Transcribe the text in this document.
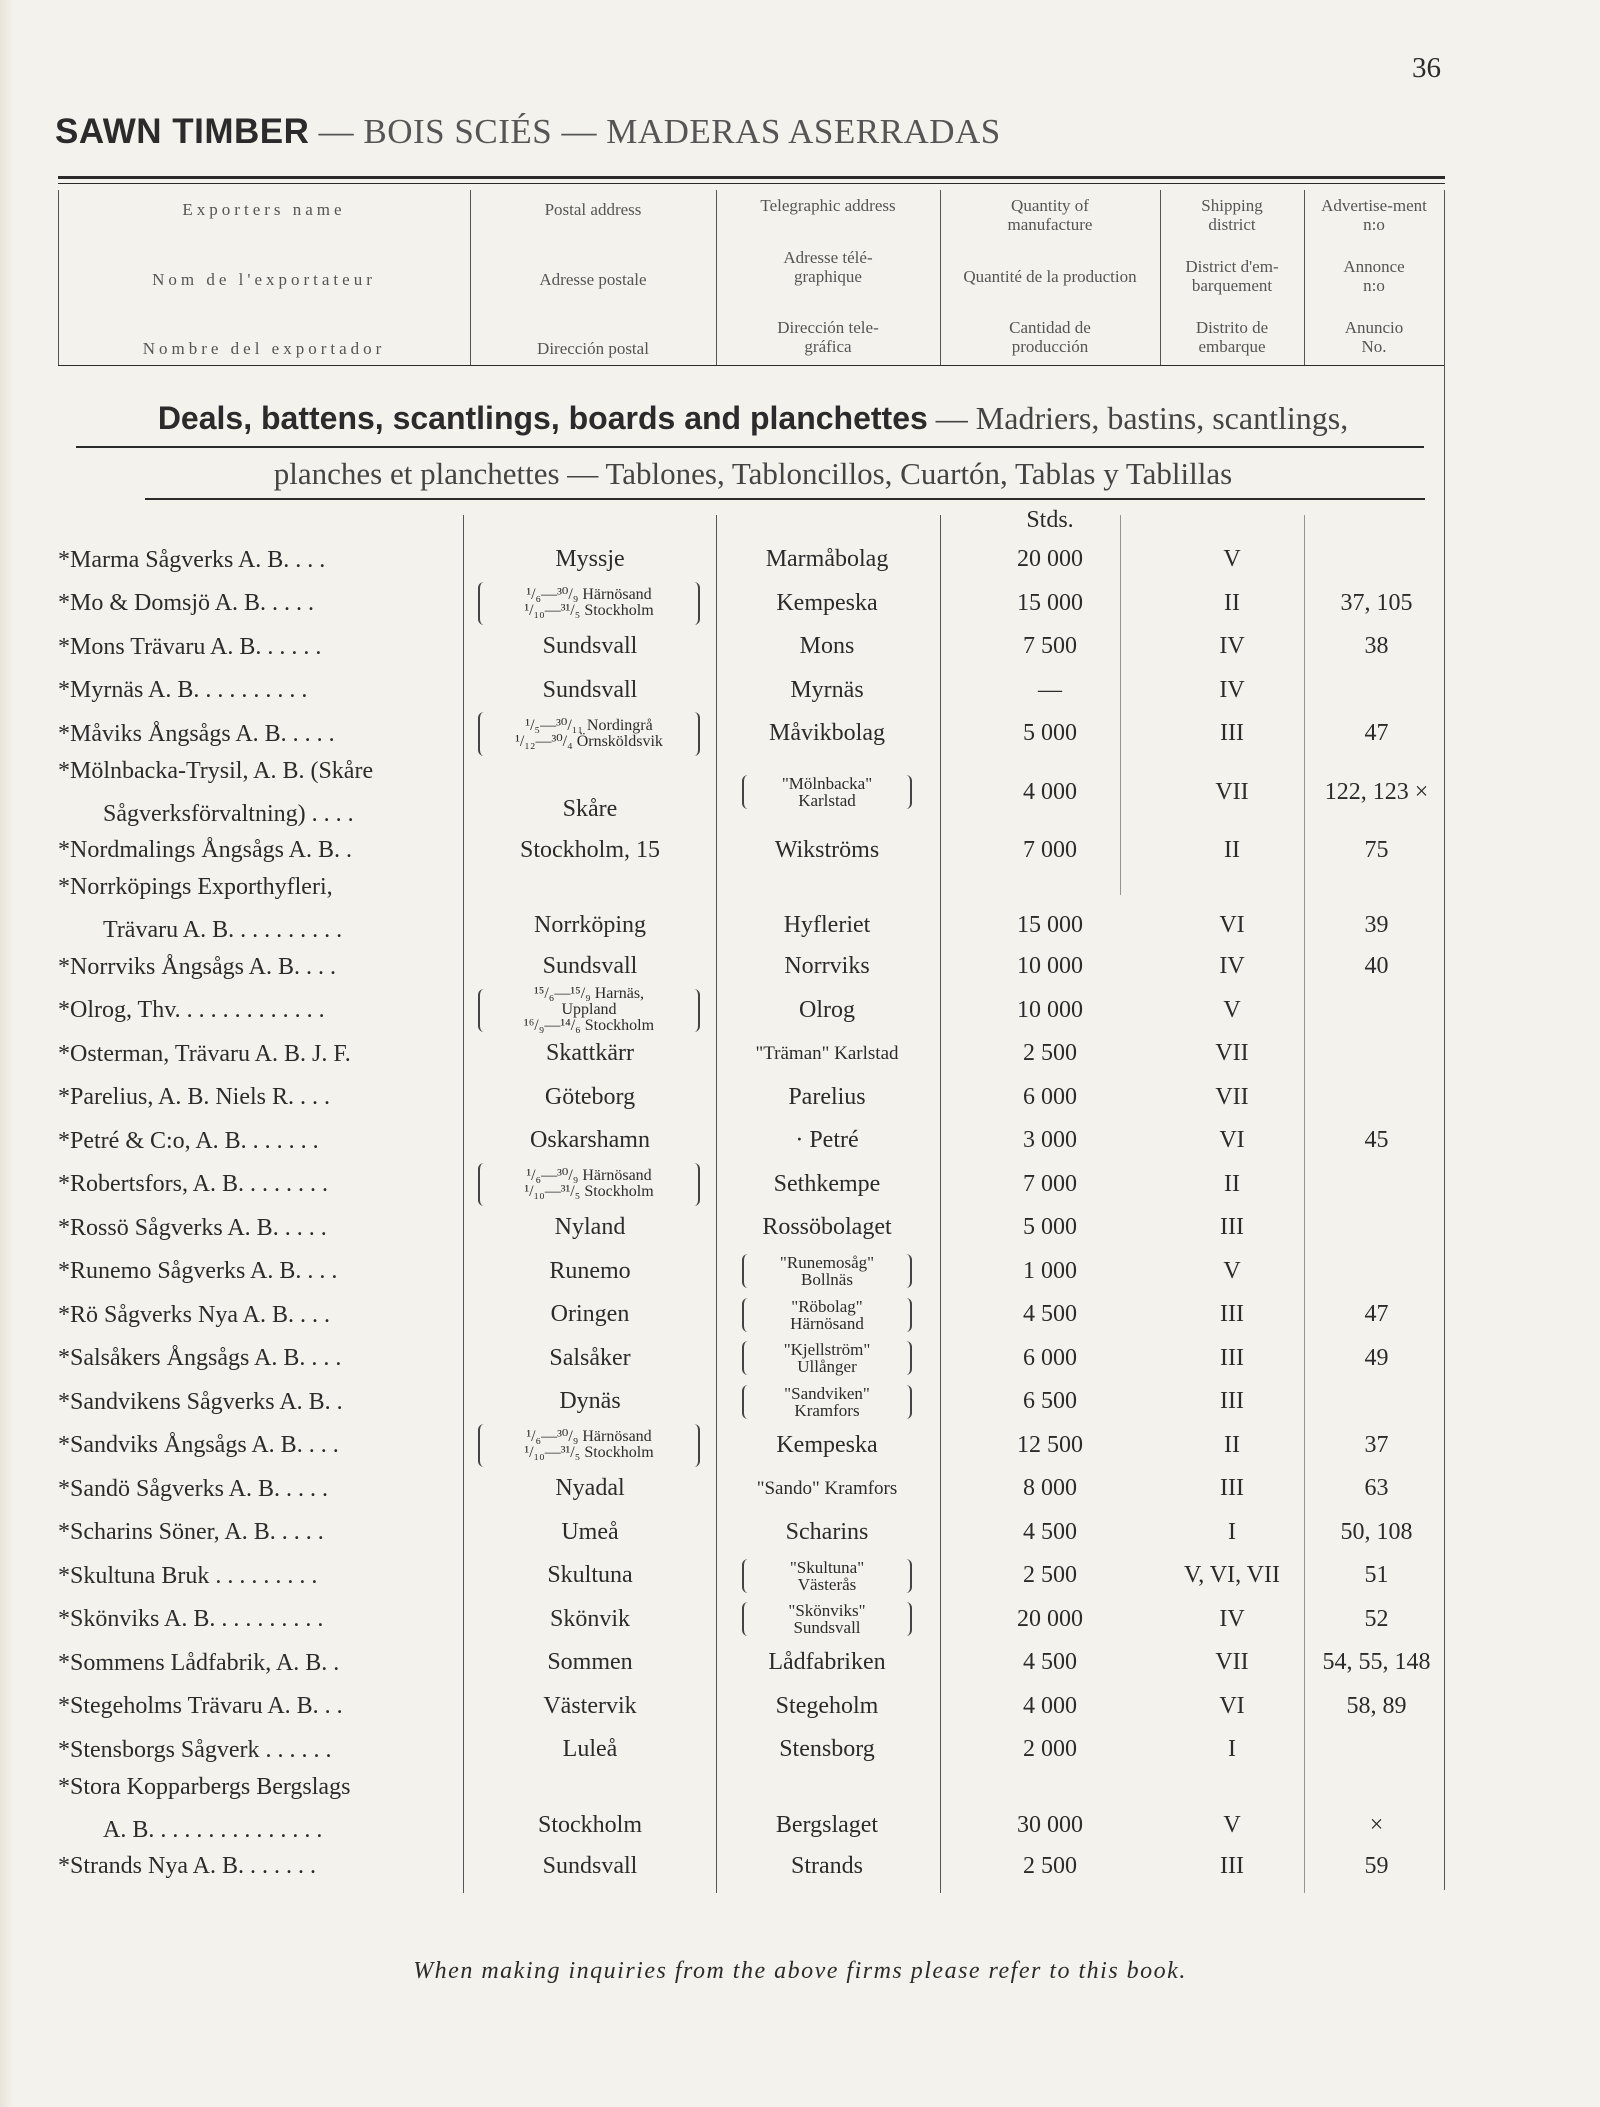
36
SAWN TIMBER — BOIS SCIÉS — MADERAS ASERRADAS
Exporters name
Nom de l'exportateur
Nombre del exportador
Postal address
Adresse postale
Dirección postal
Telegraphic address
Adresse télé-graphique
Dirección tele-gráfica
Quantity of manufacture
Quantité de la production
Cantidad de producción
Shipping district
District d'em-barquement
Distrito de embarque
Advertise-ment n:o
Annonce n:o
Anuncio No.
Deals, battens, scantlings, boards and planchettes — Madriers, bastins, scantlings,
planches et planchettes — Tablones, Tabloncillos, Cuartón, Tablas y Tablillas
Stds.
*Marma Sågverks A. B. . . .	Myssje	Marmåbolag	20 000	V
*Mo & Domsjö A. B. . . . .	¹/₆—³⁰/₉ Härnösand
¹/₁₀—³¹/₅ Stockholm	Kempeska	15 000	II	37, 105
*Mons Trävaru A. B. . . . . .	Sundsvall	Mons	7 500	IV	38
*Myrnäs A. B. . . . . . . . . .	Sundsvall	Myrnäs	—	IV
*Måviks Ångsågs A. B. . . . .	¹/₅—³⁰/₁₁ Nordingrå
¹/₁₂—³⁰/₄ Örnsköldsvik	Måvikbolag	5 000	III	47
*Mölnbacka-Trysil, A. B. (Skåre
Sågverksförvaltning) . . . .	Skåre
"Mölnbacka"
Karlstad	4 000	VII	122, 123 ×
*Nordmalings Ångsågs A. B. .	Stockholm, 15	Wikströms	7 000	II	75
*Norrköpings Exporthyfleri,
Trävaru A. B. . . . . . . . . .	Norrköping	Hyfleriet	15 000	VI	39
*Norrviks Ångsågs A. B. . . .	Sundsvall	Norrviks	10 000	IV	40
*Olrog, Thv. . . . . . . . . . . . .
¹⁵/₆—¹⁵/₉ Harnäs,
Uppland
¹⁶/₉—¹⁴/₆ Stockholm
Olrog	10 000	V
*Osterman, Trävaru A. B. J. F.	Skattkärr	"Träman" Karlstad	2 500	VII
*Parelius, A. B. Niels R. . . .	Göteborg	Parelius	6 000	VII
*Petré & C:o, A. B. . . . . . .	Oskarshamn	· Petré	3 000	VI	45
*Robertsfors, A. B. . . . . . . .	¹/₆—³⁰/₉ Härnösand
¹/₁₀—³¹/₅ Stockholm	Sethkempe	7 000	II
*Rossö Sågverks A. B. . . . .	Nyland	Rossöbolaget	5 000	III
*Runemo Sågverks A. B. . . .	Runemo	"Runemosåg"
Bollnäs	1 000	V
*Rö Sågverks Nya A. B. . . .	Oringen	"Röbolag"
Härnösand	4 500	III	47
*Salsåkers Ångsågs A. B. . . .	Salsåker	"Kjellström"
Ullånger	6 000	III	49
*Sandvikens Sågverks A. B. .	Dynäs	"Sandviken"
Kramfors	6 500	III
*Sandviks Ångsågs A. B. . . .	¹/₆—³⁰/₉ Härnösand
¹/₁₀—³¹/₅ Stockholm	Kempeska	12 500	II	37
*Sandö Sågverks A. B. . . . .	Nyadal	"Sando" Kramfors	8 000	III	63
*Scharins Söner, A. B. . . . .	Umeå	Scharins	4 500	I	50, 108
*Skultuna Bruk . . . . . . . . .	Skultuna	"Skultuna"
Västerås	2 500	V, VI, VII	51
*Skönviks A. B. . . . . . . . . .	Skönvik	"Skönviks"
Sundsvall	20 000	IV	52
*Sommens Lådfabrik, A. B. .	Sommen	Lådfabriken	4 500	VII	54, 55, 148
*Stegeholms Trävaru A. B. . .	Västervik	Stegeholm	4 000	VI	58, 89
*Stensborgs Sågverk . . . . . .	Luleå	Stensborg	2 000	I
*Stora Kopparbergs Bergslags
A. B. . . . . . . . . . . . . . .	Stockholm	Bergslaget	30 000	V	×
*Strands Nya A. B. . . . . . .	Sundsvall	Strands	2 500	III	59
When making inquiries from the above firms please refer to this book.
